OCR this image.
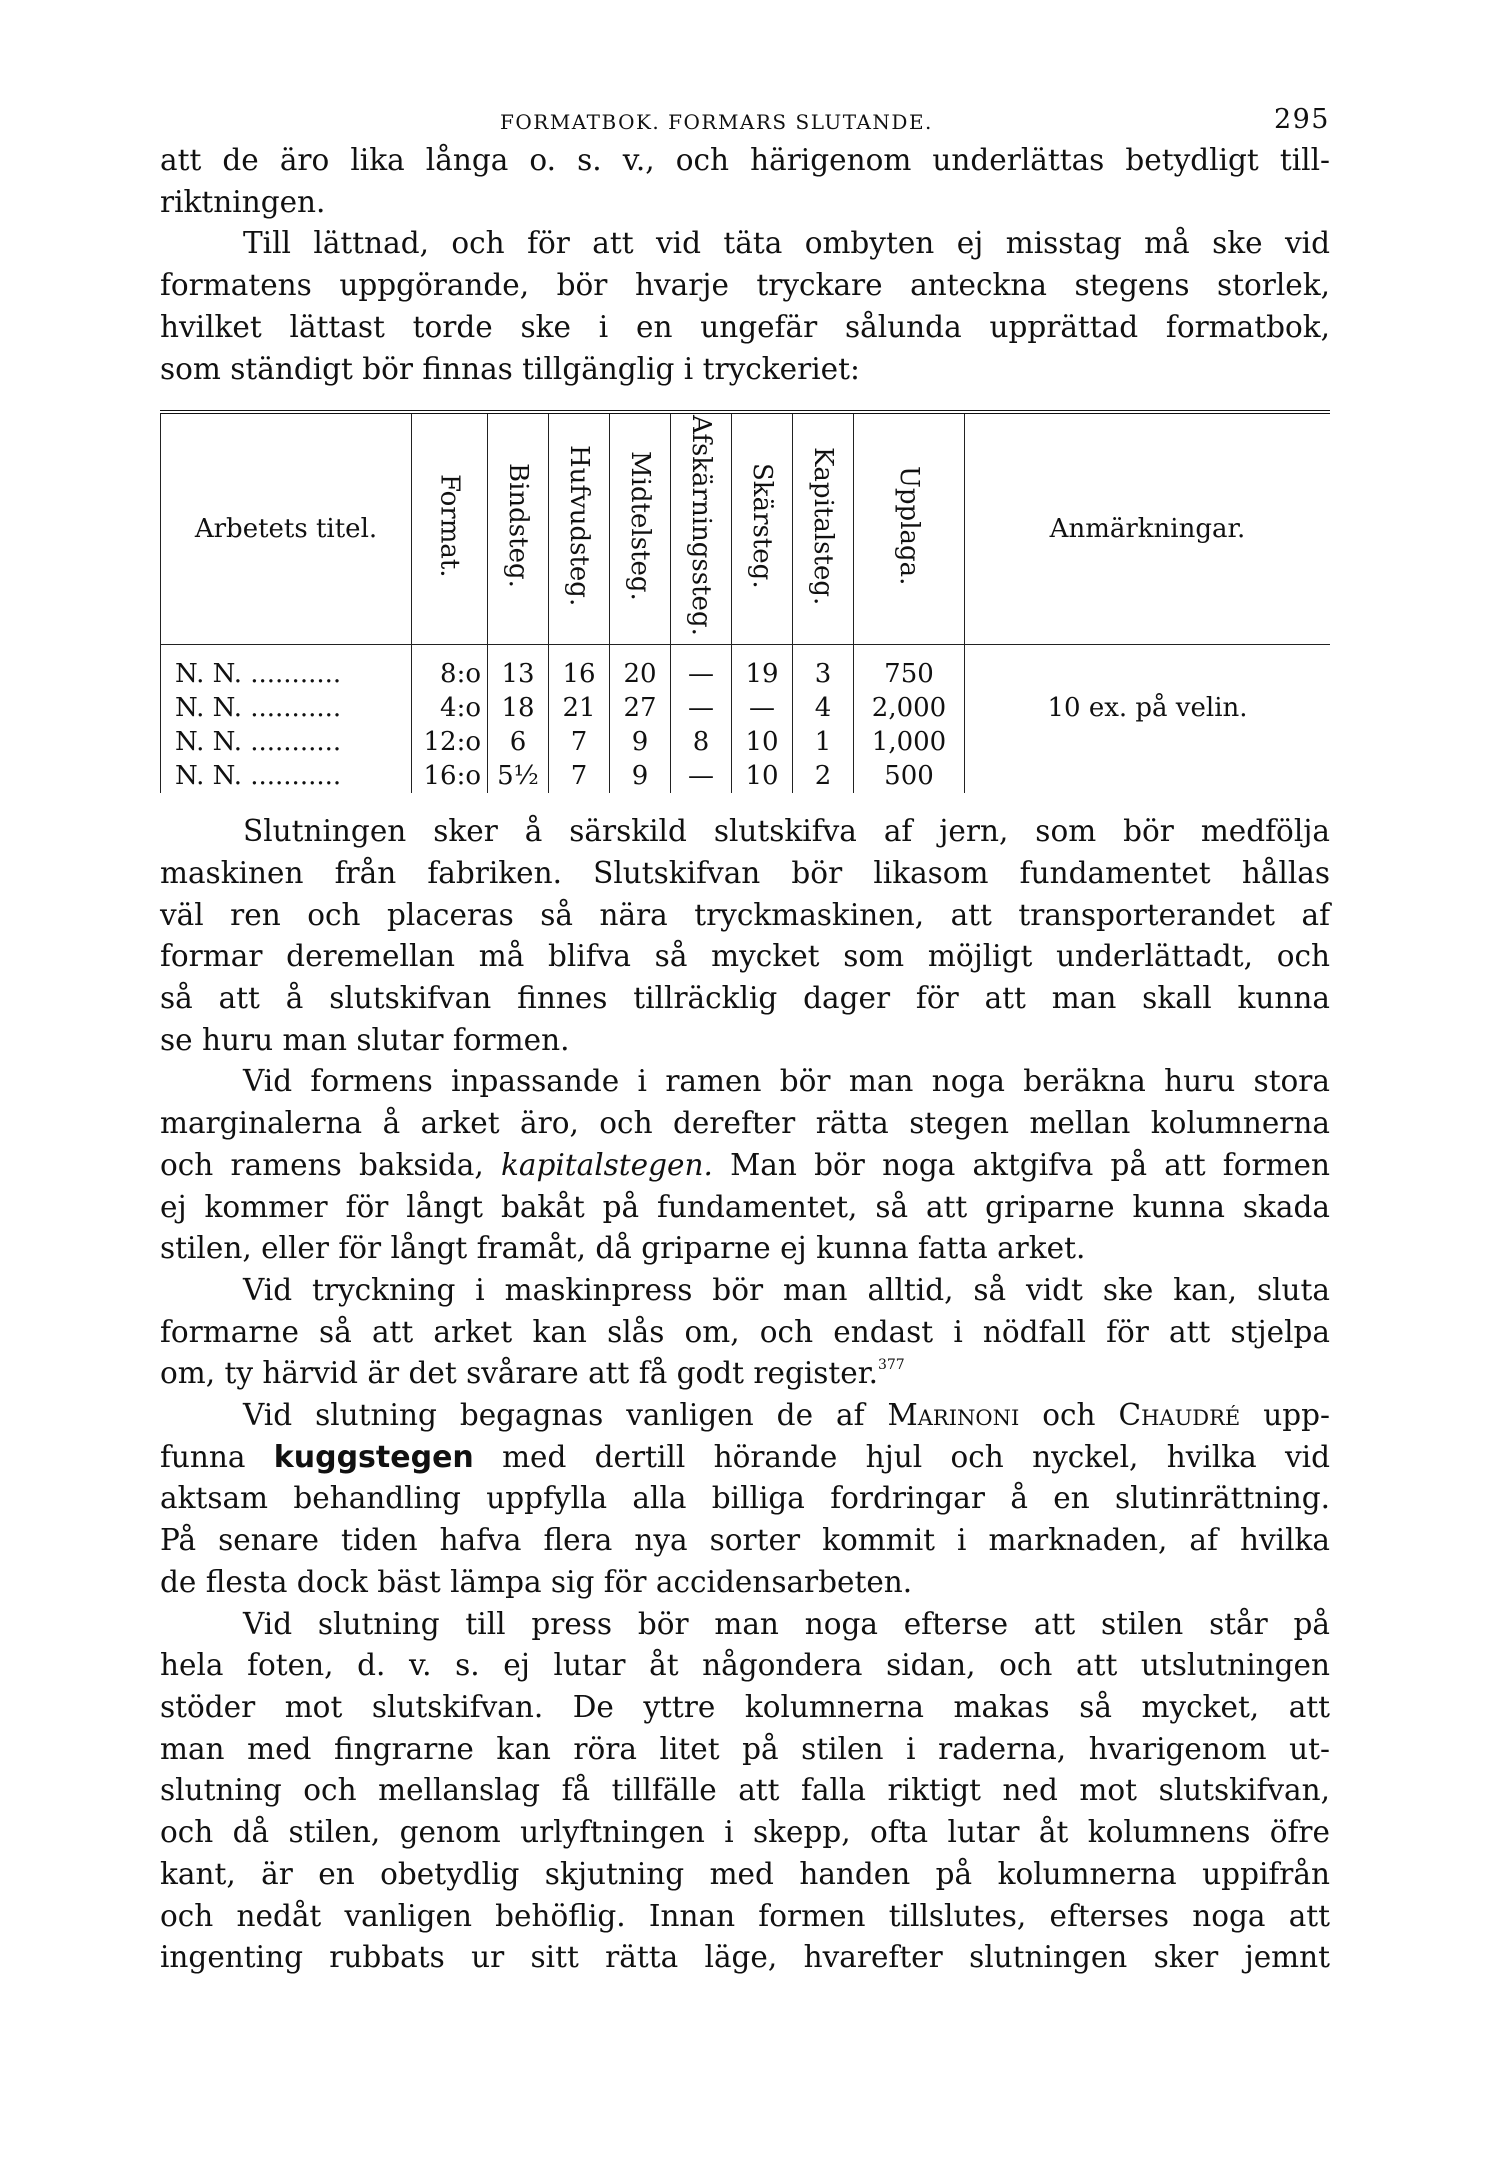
FORMATBOK. FORMARS SLUTANDE.	295

att de äro lika långa o. s. v., och härigenom underlättas betydligt till-

riktningen.

Till lättnad, och för att vid täta ombyten ej misstag må ske vid

formatens uppgörande, bör hvarje tryckare anteckna stegens storlek,

hvilket lättast torde ske i en ungefär sålunda upprättad formatbok,

som ständigt bör finnas tillgänglig i tryckeriet:

Arbetets titel.	Format.	Bindsteg.	Hufvudsteg.	Midtelsteg.	Afskärningssteg.	Skärsteg.	Kapitalsteg.	Upplaga.	Anmärkningar.
N. N. ...........	8:o	13	16	20	—	19	3	750	
N. N. ...........	4:o	18	21	27	—	—	4	2,000	10 ex. på velin.
N. N. ...........	12:o	6	7	9	8	10	1	1,000	
N. N. ...........	16:o	5½	7	9	—	10	2	500	

Slutningen sker å särskild slutskifva af jern, som bör medfölja

maskinen från fabriken. Slutskifvan bör likasom fundamentet hållas

väl ren och placeras så nära tryckmaskinen, att transporterandet af

formar deremellan må blifva så mycket som möjligt underlättadt, och

så att å slutskifvan finnes tillräcklig dager för att man skall kunna

se huru man slutar formen.

Vid formens inpassande i ramen bör man noga beräkna huru stora

marginalerna å arket äro, och derefter rätta stegen mellan kolumnerna

och ramens baksida, kapitalstegen. Man bör noga aktgifva på att formen

ej kommer för långt bakåt på fundamentet, så att griparne kunna skada

stilen, eller för långt framåt, då griparne ej kunna fatta arket.

Vid tryckning i maskinpress bör man alltid, så vidt ske kan, sluta

formarne så att arket kan slås om, och endast i nödfall för att stjelpa

om, ty härvid är det svårare att få godt register.$^{377}$

Vid slutning begagnas vanligen de af Marinoni och Chaudré upp-

funna kuggstegen med dertill hörande hjul och nyckel, hvilka vid

aktsam behandling uppfylla alla billiga fordringar å en slutinrättning.

På senare tiden hafva flera nya sorter kommit i marknaden, af hvilka

de flesta dock bäst lämpa sig för accidensarbeten.

Vid slutning till press bör man noga efterse att stilen står på

hela foten, d. v. s. ej lutar åt någondera sidan, och att utslutningen

stöder mot slutskifvan. De yttre kolumnerna makas så mycket, att

man med fingrarne kan röra litet på stilen i raderna, hvarigenom ut-

slutning och mellanslag få tillfälle att falla riktigt ned mot slutskifvan,

och då stilen, genom urlyftningen i skepp, ofta lutar åt kolumnens öfre

kant, är en obetydlig skjutning med handen på kolumnerna uppifrån

och nedåt vanligen behöflig. Innan formen tillslutes, efterses noga att

ingenting rubbats ur sitt rätta läge, hvarefter slutningen sker jemnt
